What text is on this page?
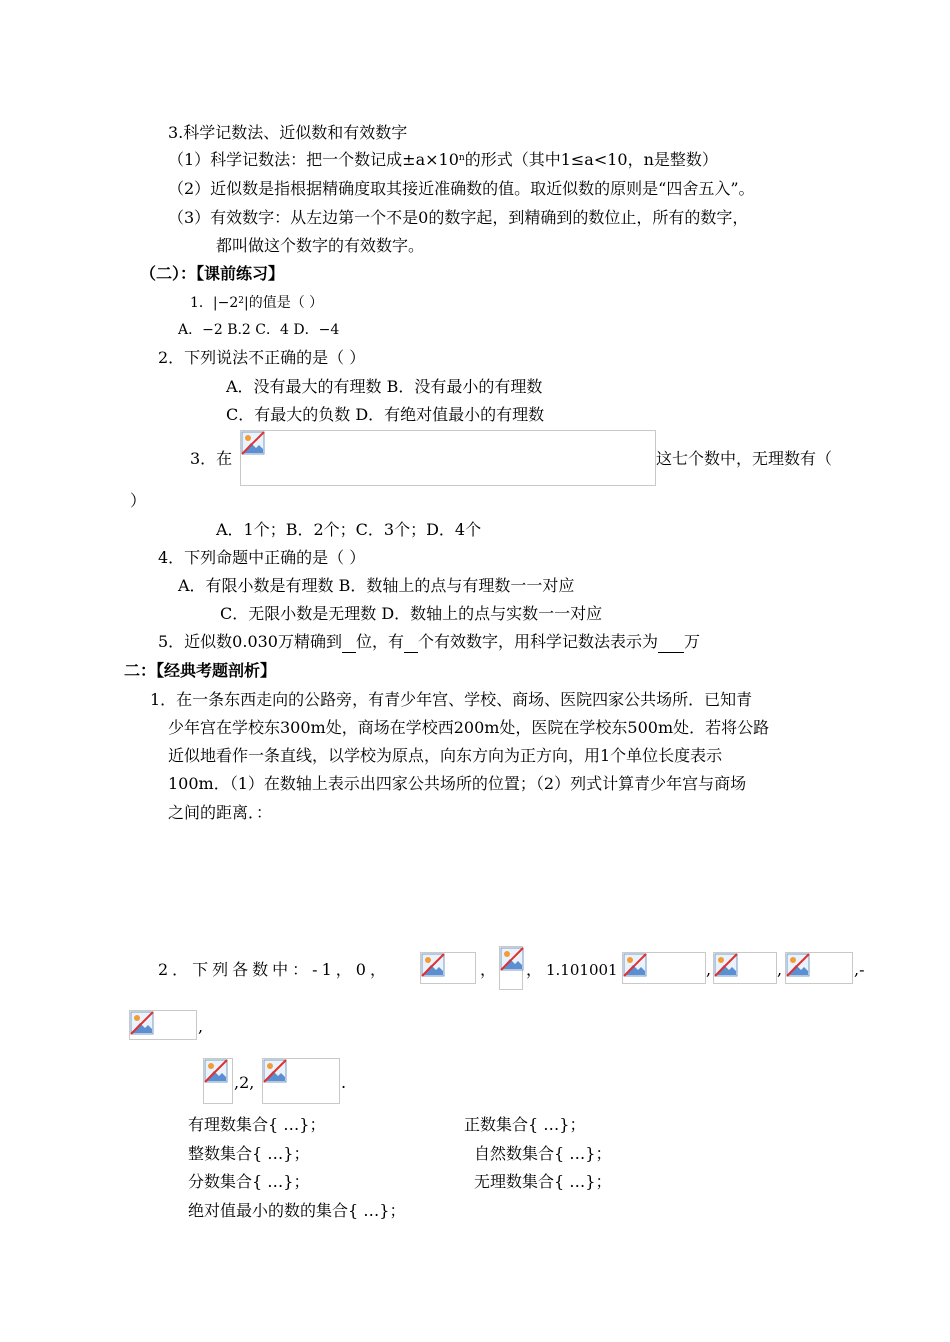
3.科学记数法、近似数和有效数字
（1）科学记数法：把一个数记成$\pm a\times 10^n$的形式（其中1≤a<10，n是整数）
（2）近似数是指根据精确度取其接近准确数的值。取近似数的原则是“四舍五入”。
（3）有效数字：从左边第一个不是0的数字起，到精确到的数位止，所有的数字，
都叫做这个数字的有效数字。
（二）：【课前练习】
1．$|-2^2|$的值是（ ）
A．−2 B.2 C．4 D．−4
2．下列说法不正确的是（ ）
A．没有最大的有理数 B．没有最小的有理数
C．有最大的负数 D．有绝对值最小的有理数
3．在	这七个数中，无理数有（
）
A．1个；B．2个；C．3个；D．4个
4．下列命题中正确的是（ ）
A．有限小数是有理数 B．数轴上的点与有理数一一对应
C．无限小数是无理数 D．数轴上的点与实数一一对应
5．近似数0.030万精确到 位，有 个有效数字，用科学记数法表示为 万
二：【经典考题剖析】
1．在一条东西走向的公路旁，有青少年宫、学校、商场、医院四家公共场所．已知青
少年宫在学校东300m处，商场在学校西200m处，医院在学校东500m处．若将公路
近似地看作一条直线，以学校为原点，向东方向为正方向，用1个单位长度表示
100m．（1）在数轴上表示出四家公共场所的位置；（2）列式计算青少年宫与商场
之间的距离．：
2．下列各数中：-1，0，	， ， 1.101001	,	,	,-
,
,2,	.
有理数集合{ …}；	正数集合{ …}；
整数集合{ …}；	自然数集合{ …}；
分数集合{ …}；	无理数集合{ …}；
绝对值最小的数的集合{ …}；
